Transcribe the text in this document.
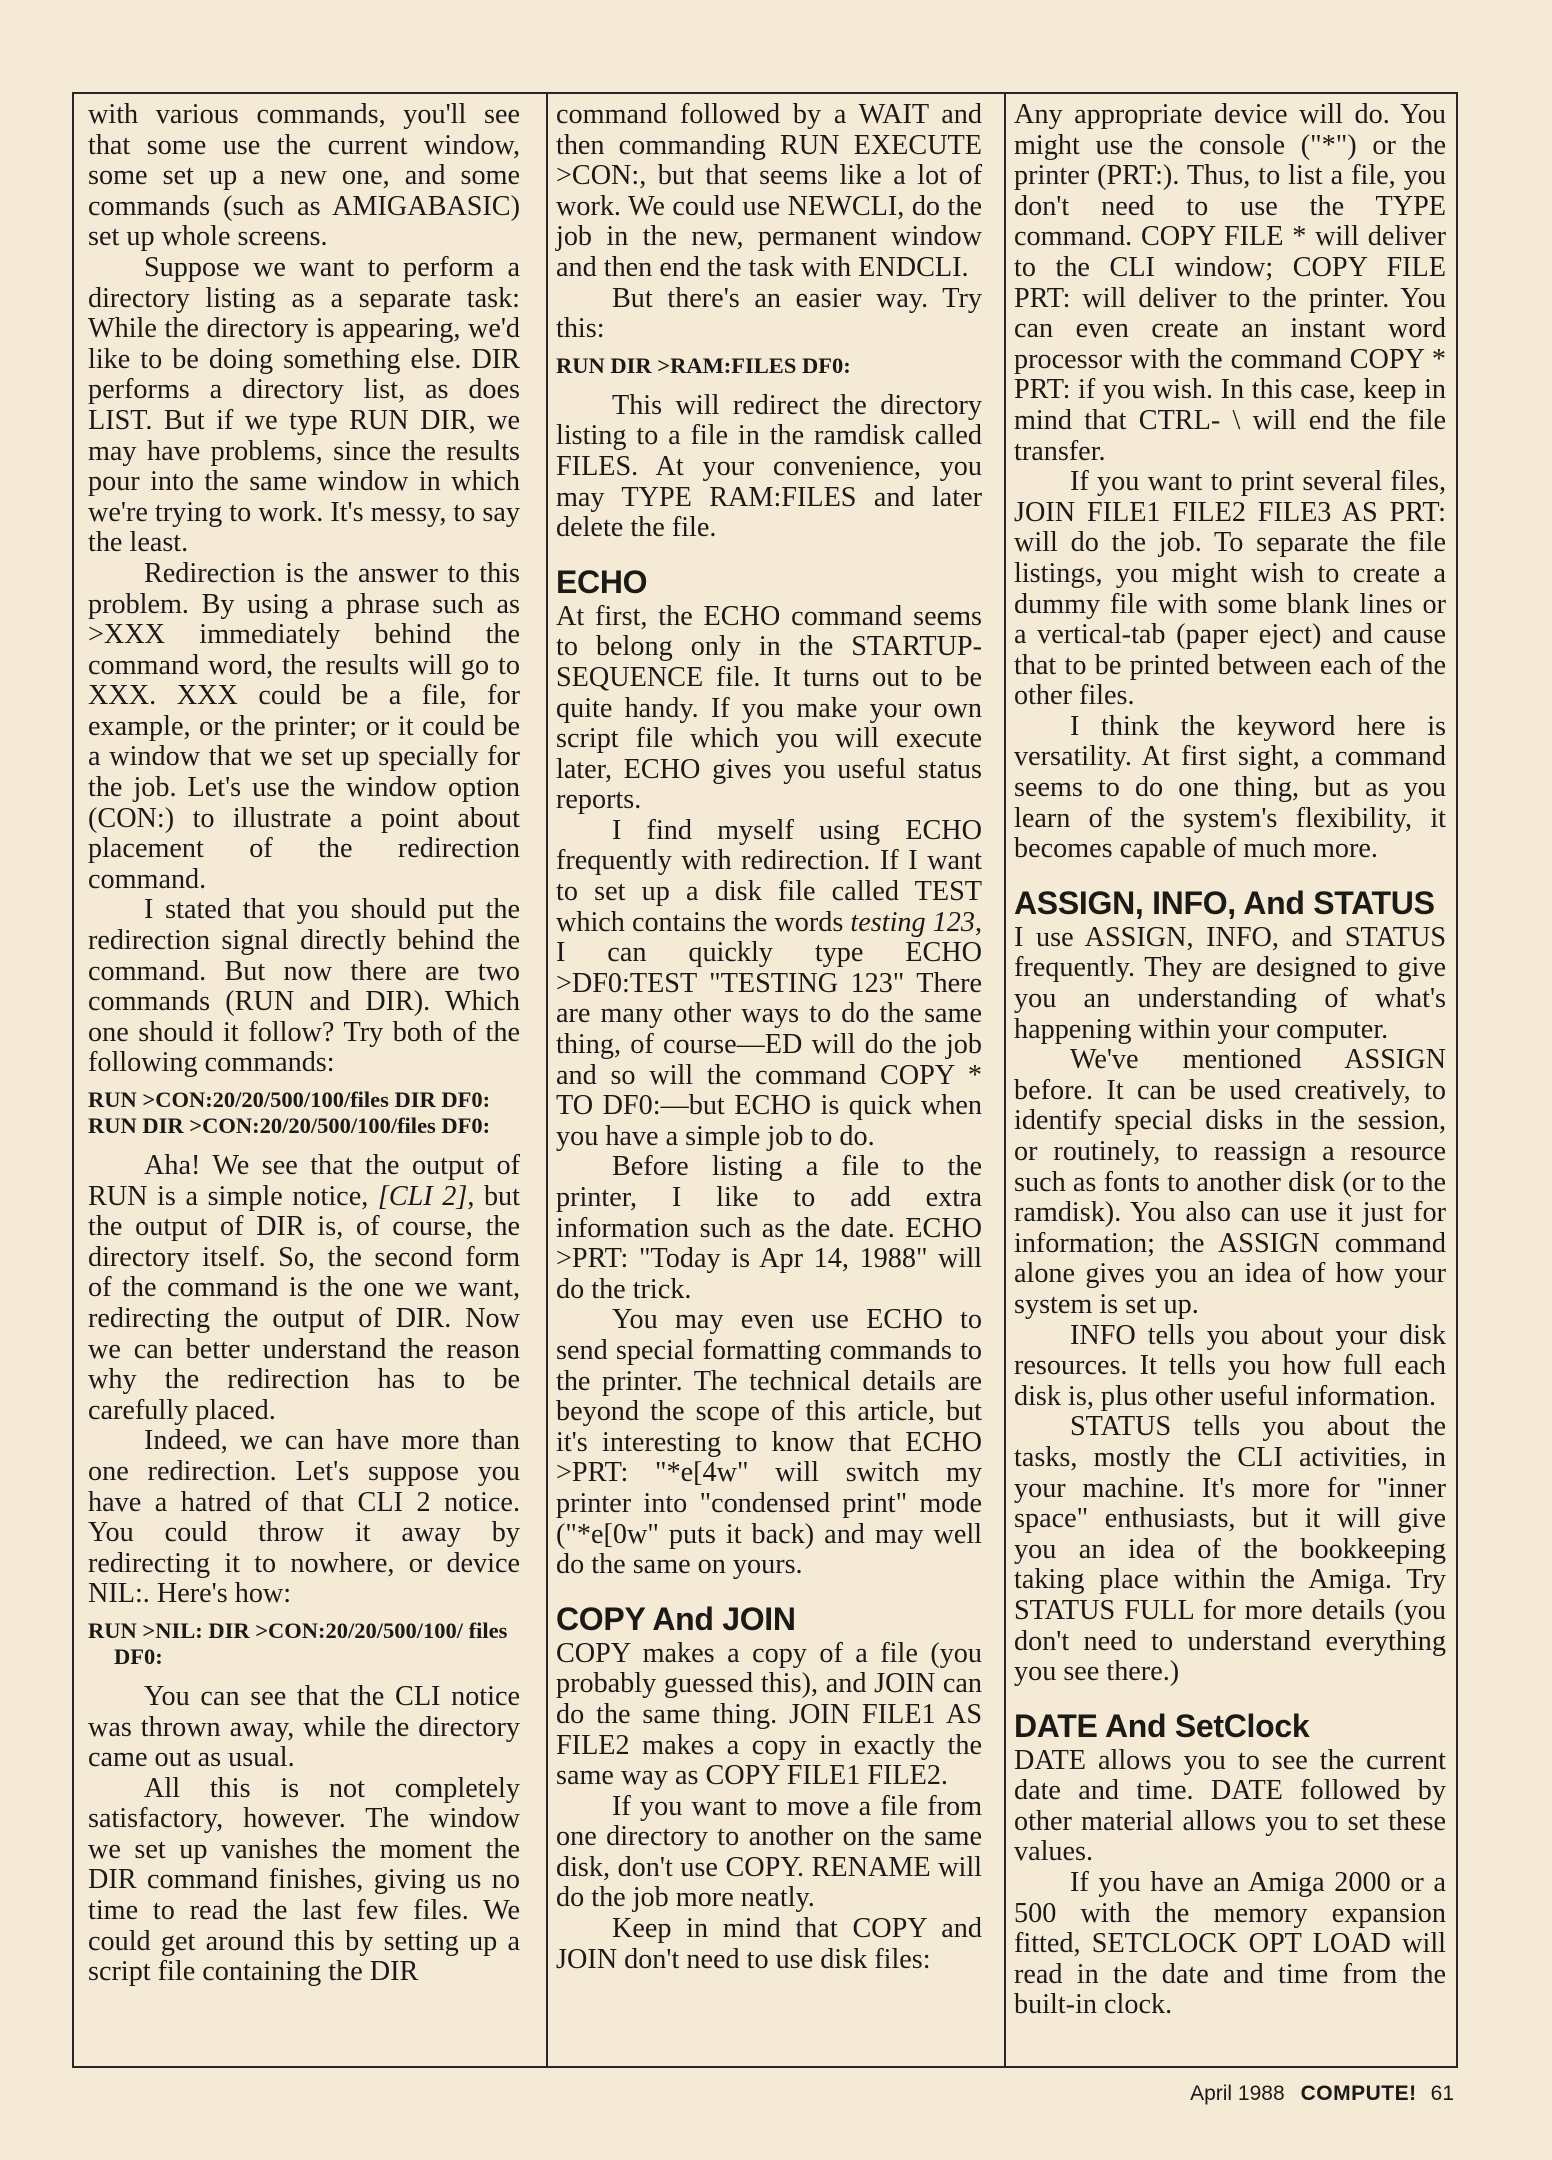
with various commands, you'll see that some use the current window, some set up a new one, and some commands (such as AMIGABASIC) set up whole screens.

Suppose we want to perform a directory listing as a separate task: While the directory is appearing, we'd like to be doing something else. DIR performs a directory list, as does LIST. But if we type RUN DIR, we may have problems, since the results pour into the same window in which we're trying to work. It's messy, to say the least.

Redirection is the answer to this problem. By using a phrase such as >XXX immediately behind the command word, the results will go to XXX. XXX could be a file, for example, or the printer; or it could be a window that we set up specially for the job. Let's use the window option (CON:) to illustrate a point about placement of the redirection command.

I stated that you should put the redirection signal directly behind the command. But now there are two commands (RUN and DIR). Which one should it follow? Try both of the following commands:

RUN >CON:20/20/500/100/files DIR DF0:
RUN DIR >CON:20/20/500/100/files DF0:

Aha! We see that the output of RUN is a simple notice, [CLI 2], but the output of DIR is, of course, the directory itself. So, the second form of the command is the one we want, redirecting the output of DIR. Now we can better understand the reason why the redirection has to be carefully placed.

Indeed, we can have more than one redirection. Let's suppose you have a hatred of that CLI 2 notice. You could throw it away by redirecting it to nowhere, or device NIL:. Here's how:

RUN >NIL: DIR >CON:20/20/500/100/ files DF0:

You can see that the CLI notice was thrown away, while the directory came out as usual.

All this is not completely satisfactory, however. The window we set up vanishes the moment the DIR command finishes, giving us no time to read the last few files. We could get around this by setting up a script file containing the DIR

command followed by a WAIT and then commanding RUN EXECUTE >CON:, but that seems like a lot of work. We could use NEWCLI, do the job in the new, permanent window and then end the task with ENDCLI.

But there's an easier way. Try this:

RUN DIR >RAM:FILES DF0:

This will redirect the directory listing to a file in the ramdisk called FILES. At your convenience, you may TYPE RAM:FILES and later delete the file.

ECHO

At first, the ECHO command seems to belong only in the STARTUP-SEQUENCE file. It turns out to be quite handy. If you make your own script file which you will execute later, ECHO gives you useful status reports.

I find myself using ECHO frequently with redirection. If I want to set up a disk file called TEST which contains the words testing 123, I can quickly type ECHO >DF0:TEST "TESTING 123" There are many other ways to do the same thing, of course—ED will do the job and so will the command COPY * TO DF0:—but ECHO is quick when you have a simple job to do.

Before listing a file to the printer, I like to add extra information such as the date. ECHO >PRT: "Today is Apr 14, 1988" will do the trick.

You may even use ECHO to send special formatting commands to the printer. The technical details are beyond the scope of this article, but it's interesting to know that ECHO >PRT: "*e[4w" will switch my printer into "condensed print" mode ("*e[0w" puts it back) and may well do the same on yours.

COPY And JOIN

COPY makes a copy of a file (you probably guessed this), and JOIN can do the same thing. JOIN FILE1 AS FILE2 makes a copy in exactly the same way as COPY FILE1 FILE2.

If you want to move a file from one directory to another on the same disk, don't use COPY. RENAME will do the job more neatly.

Keep in mind that COPY and JOIN don't need to use disk files:

Any appropriate device will do. You might use the console ("*") or the printer (PRT:). Thus, to list a file, you don't need to use the TYPE command. COPY FILE * will deliver to the CLI window; COPY FILE PRT: will deliver to the printer. You can even create an instant word processor with the command COPY * PRT: if you wish. In this case, keep in mind that CTRL- \ will end the file transfer.

If you want to print several files, JOIN FILE1 FILE2 FILE3 AS PRT: will do the job. To separate the file listings, you might wish to create a dummy file with some blank lines or a vertical-tab (paper eject) and cause that to be printed between each of the other files.

I think the keyword here is versatility. At first sight, a command seems to do one thing, but as you learn of the system's flexibility, it becomes capable of much more.

ASSIGN, INFO, And STATUS

I use ASSIGN, INFO, and STATUS frequently. They are designed to give you an understanding of what's happening within your computer.

We've mentioned ASSIGN before. It can be used creatively, to identify special disks in the session, or routinely, to reassign a resource such as fonts to another disk (or to the ramdisk). You also can use it just for information; the ASSIGN command alone gives you an idea of how your system is set up.

INFO tells you about your disk resources. It tells you how full each disk is, plus other useful information.

STATUS tells you about the tasks, mostly the CLI activities, in your machine. It's more for "inner space" enthusiasts, but it will give you an idea of the bookkeeping taking place within the Amiga. Try STATUS FULL for more details (you don't need to understand everything you see there.)

DATE And SetClock

DATE allows you to see the current date and time. DATE followed by other material allows you to set these values.

If you have an Amiga 2000 or a 500 with the memory expansion fitted, SETCLOCK OPT LOAD will read in the date and time from the built-in clock.

April 1988 COMPUTE! 61
